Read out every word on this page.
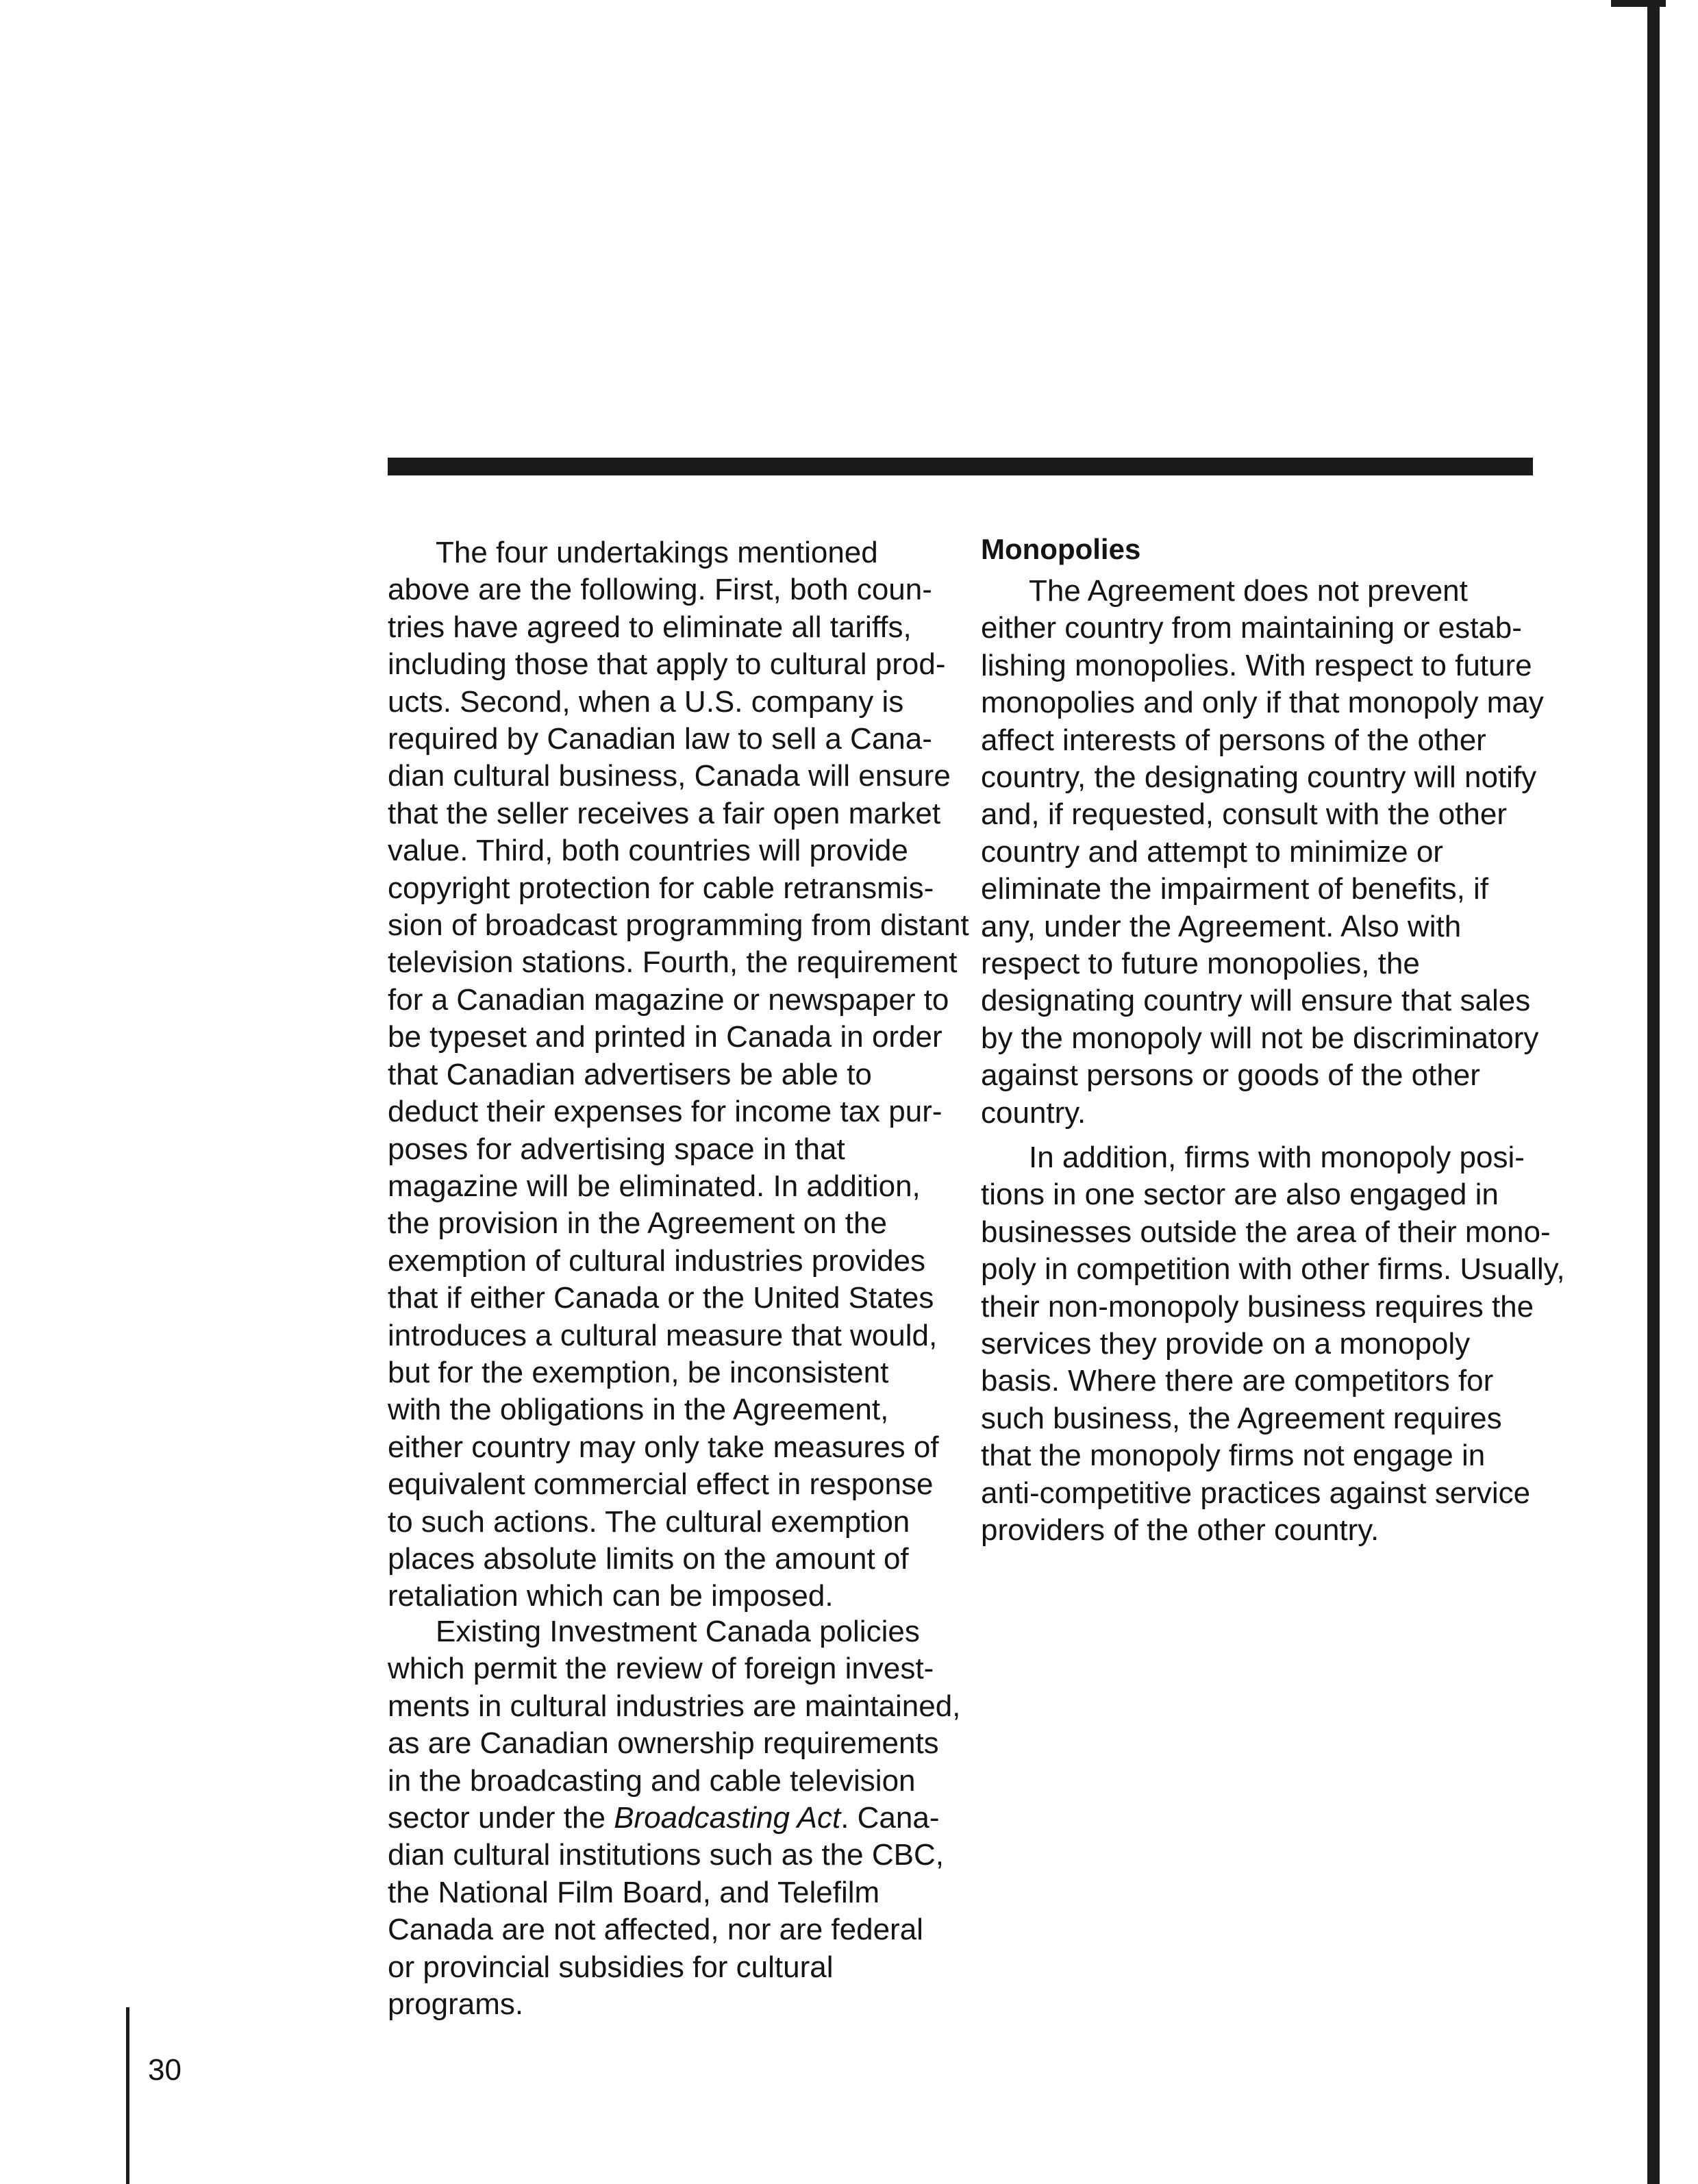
The four undertakings mentioned
above are the following. First, both coun-
tries have agreed to eliminate all tariffs,
including those that apply to cultural prod-
ucts. Second, when a U.S. company is
required by Canadian law to sell a Cana-
dian cultural business, Canada will ensure
that the seller receives a fair open market
value. Third, both countries will provide
copyright protection for cable retransmis-
sion of broadcast programming from distant
television stations. Fourth, the requirement
for a Canadian magazine or newspaper to
be typeset and printed in Canada in order
that Canadian advertisers be able to
deduct their expenses for income tax pur-
poses for advertising space in that
magazine will be eliminated. In addition,
the provision in the Agreement on the
exemption of cultural industries provides
that if either Canada or the United States
introduces a cultural measure that would,
but for the exemption, be inconsistent
with the obligations in the Agreement,
either country may only take measures of
equivalent commercial effect in response
to such actions. The cultural exemption
places absolute limits on the amount of
retaliation which can be imposed.
Existing Investment Canada policies
which permit the review of foreign invest-
ments in cultural industries are maintained,
as are Canadian ownership requirements
in the broadcasting and cable television
sector under the Broadcasting Act. Cana-
dian cultural institutions such as the CBC,
the National Film Board, and Telefilm
Canada are not affected, nor are federal
or provincial subsidies for cultural
programs.
Monopolies
The Agreement does not prevent
either country from maintaining or estab-
lishing monopolies. With respect to future
monopolies and only if that monopoly may
affect interests of persons of the other
country, the designating country will notify
and, if requested, consult with the other
country and attempt to minimize or
eliminate the impairment of benefits, if
any, under the Agreement. Also with
respect to future monopolies, the
designating country will ensure that sales
by the monopoly will not be discriminatory
against persons or goods of the other
country.
In addition, firms with monopoly posi-
tions in one sector are also engaged in
businesses outside the area of their mono-
poly in competition with other firms. Usually,
their non-monopoly business requires the
services they provide on a monopoly
basis. Where there are competitors for
such business, the Agreement requires
that the monopoly firms not engage in
anti-competitive practices against service
providers of the other country.
30
